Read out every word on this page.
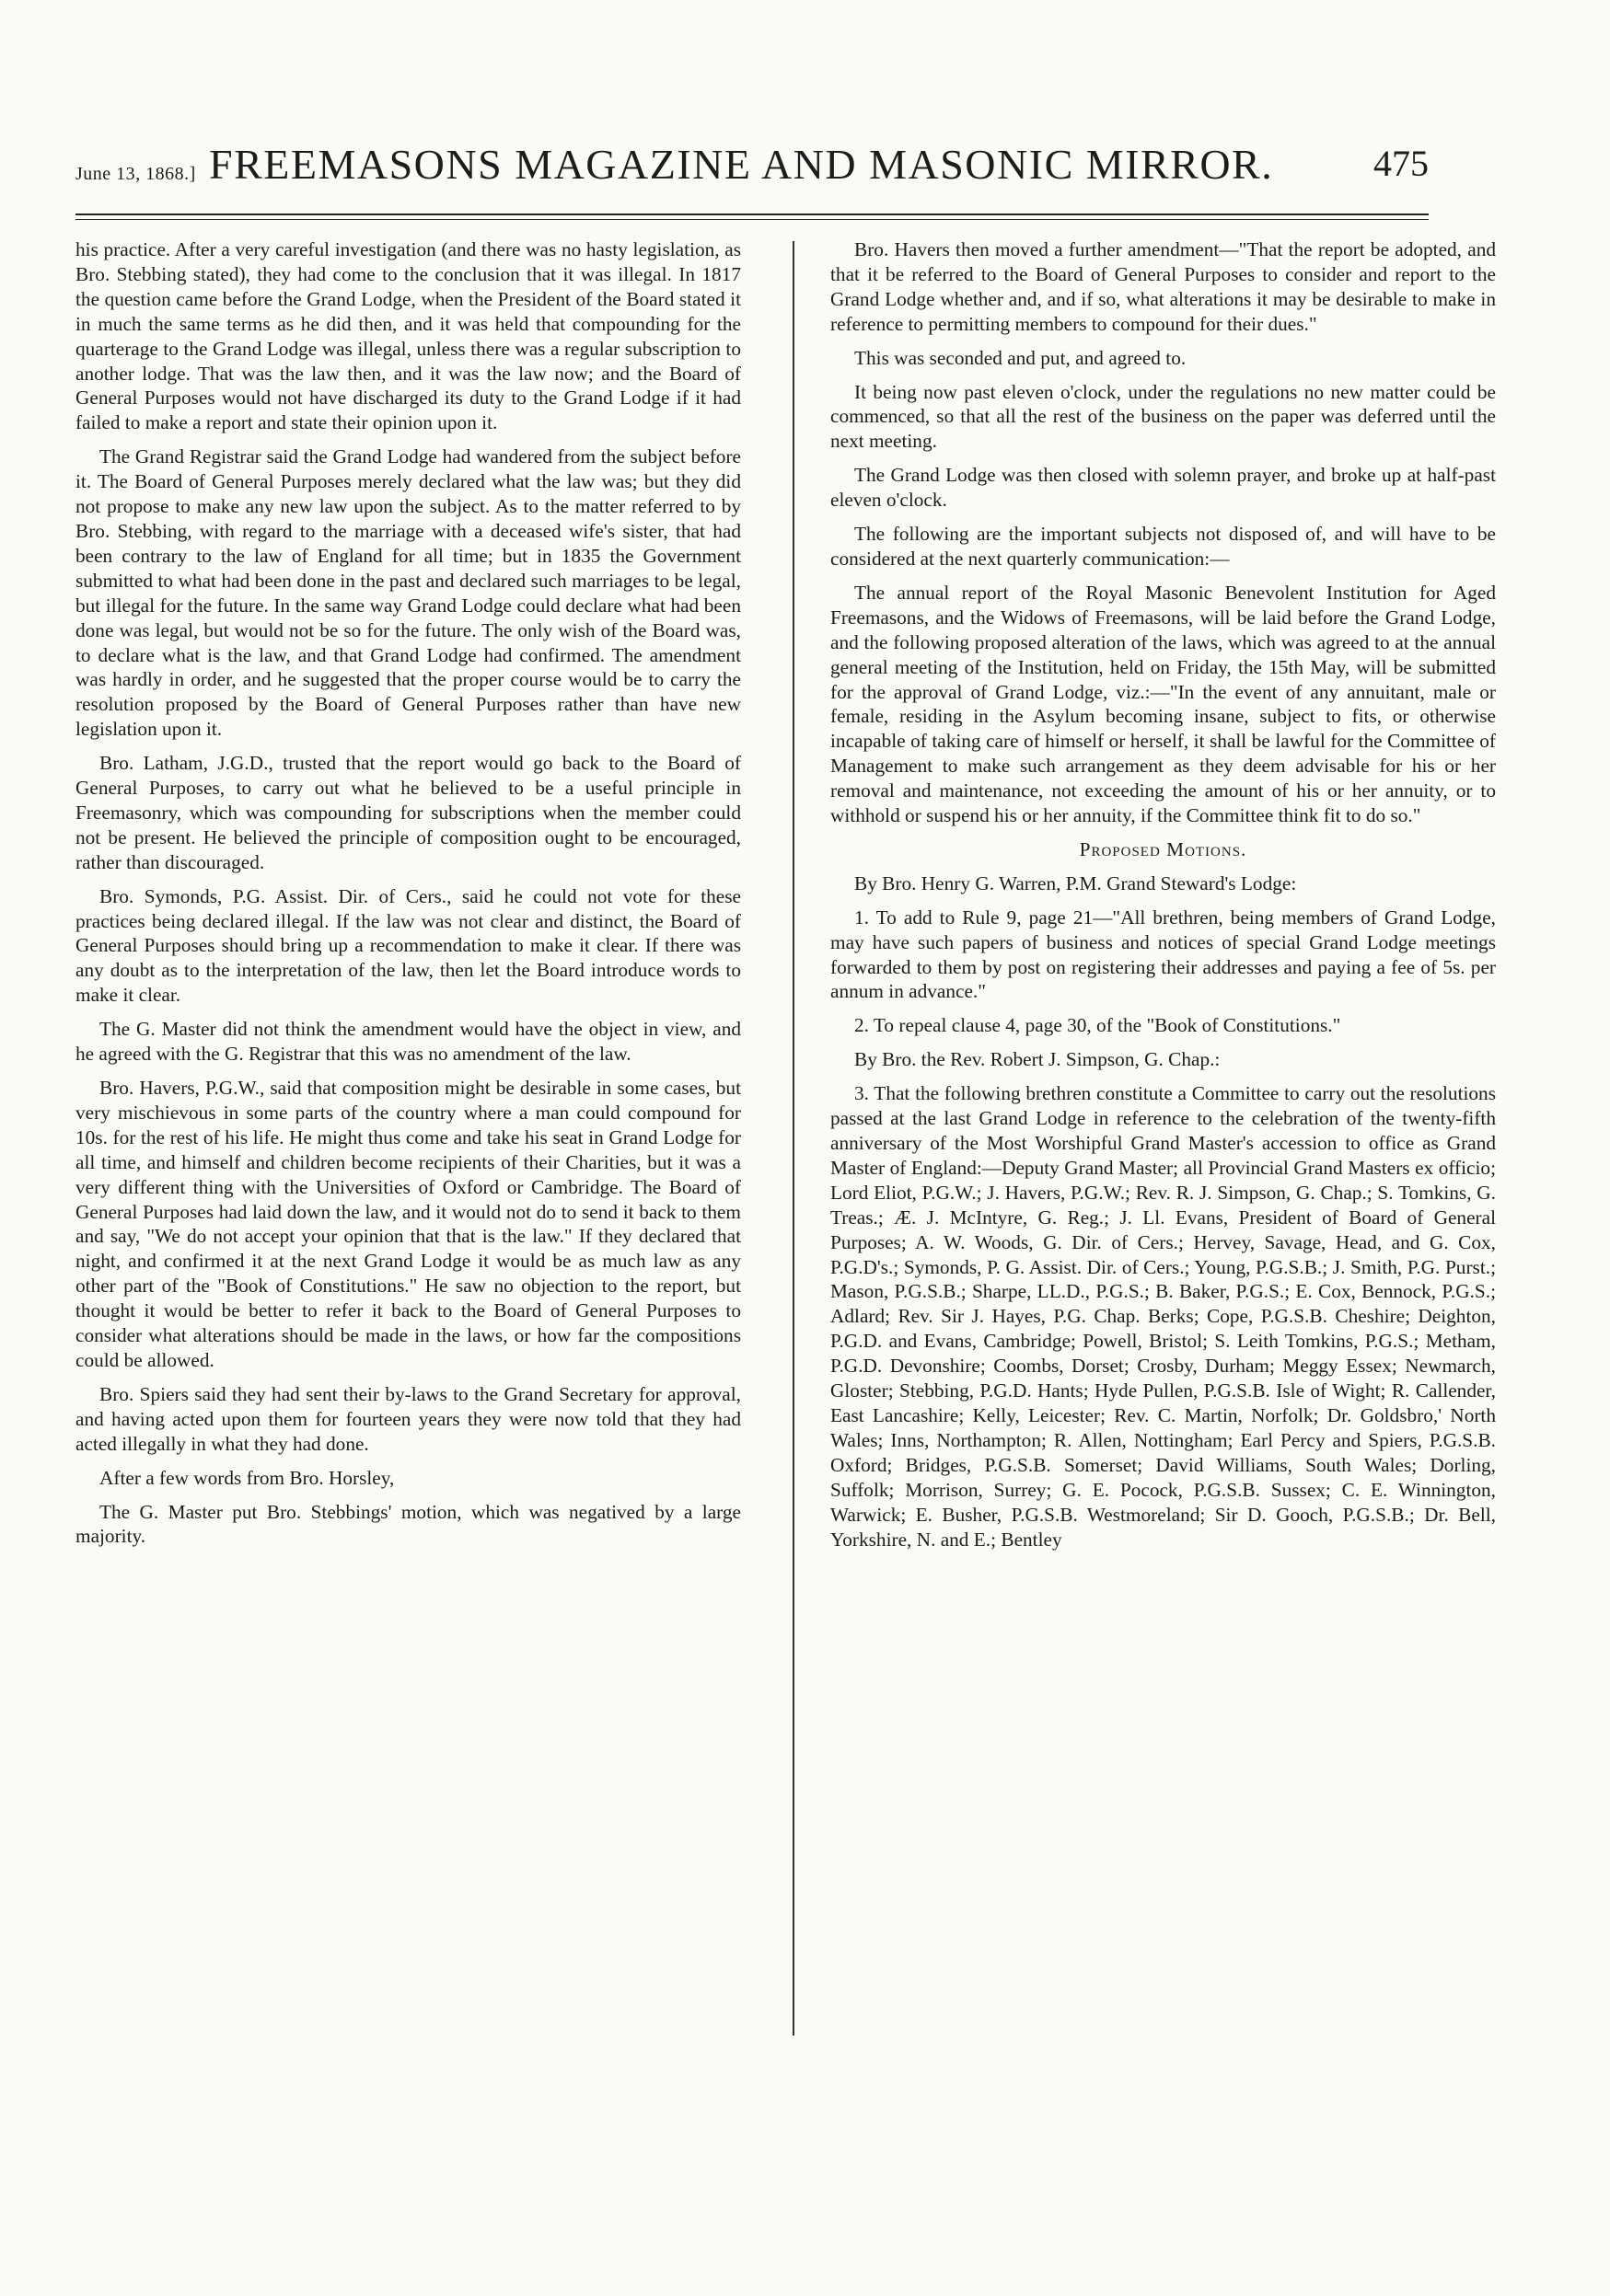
June 13, 1868.] FREEMASONS MAGAZINE AND MASONIC MIRROR.	475

his practice. After a very careful investigation (and there was no hasty legislation, as Bro. Stebbing stated), they had come to the conclusion that it was illegal. In 1817 the question came before the Grand Lodge, when the President of the Board stated it in much the same terms as he did then, and it was held that compounding for the quarterage to the Grand Lodge was illegal, unless there was a regular subscription to another lodge. That was the law then, and it was the law now; and the Board of General Purposes would not have discharged its duty to the Grand Lodge if it had failed to make a report and state their opinion upon it.

The Grand Registrar said the Grand Lodge had wandered from the subject before it. The Board of General Purposes merely declared what the law was; but they did not propose to make any new law upon the subject. As to the matter referred to by Bro. Stebbing, with regard to the marriage with a deceased wife's sister, that had been contrary to the law of England for all time; but in 1835 the Government submitted to what had been done in the past and declared such marriages to be legal, but illegal for the future. In the same way Grand Lodge could declare what had been done was legal, but would not be so for the future. The only wish of the Board was, to declare what is the law, and that Grand Lodge had confirmed. The amendment was hardly in order, and he suggested that the proper course would be to carry the resolution proposed by the Board of General Purposes rather than have new legislation upon it.

Bro. Latham, J.G.D., trusted that the report would go back to the Board of General Purposes, to carry out what he believed to be a useful principle in Freemasonry, which was compounding for subscriptions when the member could not be present. He believed the principle of composition ought to be encouraged, rather than discouraged.

Bro. Symonds, P.G. Assist. Dir. of Cers., said he could not vote for these practices being declared illegal. If the law was not clear and distinct, the Board of General Purposes should bring up a recommendation to make it clear. If there was any doubt as to the interpretation of the law, then let the Board introduce words to make it clear.

The G. Master did not think the amendment would have the object in view, and he agreed with the G. Registrar that this was no amendment of the law.

Bro. Havers, P.G.W., said that composition might be desirable in some cases, but very mischievous in some parts of the country where a man could compound for 10s. for the rest of his life. He might thus come and take his seat in Grand Lodge for all time, and himself and children become recipients of their Charities, but it was a very different thing with the Universities of Oxford or Cambridge. The Board of General Purposes had laid down the law, and it would not do to send it back to them and say, "We do not accept your opinion that that is the law." If they declared that night, and confirmed it at the next Grand Lodge it would be as much law as any other part of the "Book of Constitutions." He saw no objection to the report, but thought it would be better to refer it back to the Board of General Purposes to consider what alterations should be made in the laws, or how far the compositions could be allowed.

Bro. Spiers said they had sent their by-laws to the Grand Secretary for approval, and having acted upon them for fourteen years they were now told that they had acted illegally in what they had done.

After a few words from Bro. Horsley,

The G. Master put Bro. Stebbings' motion, which was negatived by a large majority.

Bro. Havers then moved a further amendment—"That the report be adopted, and that it be referred to the Board of General Purposes to consider and report to the Grand Lodge whether and, and if so, what alterations it may be desirable to make in reference to permitting members to compound for their dues."

This was seconded and put, and agreed to.

It being now past eleven o'clock, under the regulations no new matter could be commenced, so that all the rest of the business on the paper was deferred until the next meeting.

The Grand Lodge was then closed with solemn prayer, and broke up at half-past eleven o'clock.

The following are the important subjects not disposed of, and will have to be considered at the next quarterly communication:—

The annual report of the Royal Masonic Benevolent Institution for Aged Freemasons, and the Widows of Freemasons, will be laid before the Grand Lodge, and the following proposed alteration of the laws, which was agreed to at the annual general meeting of the Institution, held on Friday, the 15th May, will be submitted for the approval of Grand Lodge, viz.:—"In the event of any annuitant, male or female, residing in the Asylum becoming insane, subject to fits, or otherwise incapable of taking care of himself or herself, it shall be lawful for the Committee of Management to make such arrangement as they deem advisable for his or her removal and maintenance, not exceeding the amount of his or her annuity, or to withhold or suspend his or her annuity, if the Committee think fit to do so."

Proposed Motions.

By Bro. Henry G. Warren, P.M. Grand Steward's Lodge:

1. To add to Rule 9, page 21—"All brethren, being members of Grand Lodge, may have such papers of business and notices of special Grand Lodge meetings forwarded to them by post on registering their addresses and paying a fee of 5s. per annum in advance."

2. To repeal clause 4, page 30, of the "Book of Constitutions."

By Bro. the Rev. Robert J. Simpson, G. Chap.:

3. That the following brethren constitute a Committee to carry out the resolutions passed at the last Grand Lodge in reference to the celebration of the twenty-fifth anniversary of the Most Worshipful Grand Master's accession to office as Grand Master of England:—Deputy Grand Master; all Provincial Grand Masters ex officio; Lord Eliot, P.G.W.; J. Havers, P.G.W.; Rev. R. J. Simpson, G. Chap.; S. Tomkins, G. Treas.; Æ. J. McIntyre, G. Reg.; J. Ll. Evans, President of Board of General Purposes; A. W. Woods, G. Dir. of Cers.; Hervey, Savage, Head, and G. Cox, P.G.D's.; Symonds, P. G. Assist. Dir. of Cers.; Young, P.G.S.B.; J. Smith, P.G. Purst.; Mason, P.G.S.B.; Sharpe, LL.D., P.G.S.; B. Baker, P.G.S.; E. Cox, Bennock, P.G.S.; Adlard; Rev. Sir J. Hayes, P.G. Chap. Berks; Cope, P.G.S.B. Cheshire; Deighton, P.G.D. and Evans, Cambridge; Powell, Bristol; S. Leith Tomkins, P.G.S.; Metham, P.G.D. Devonshire; Coombs, Dorset; Crosby, Durham; Meggy Essex; Newmarch, Gloster; Stebbing, P.G.D. Hants; Hyde Pullen, P.G.S.B. Isle of Wight; R. Callender, East Lancashire; Kelly, Leicester; Rev. C. Martin, Norfolk; Dr. Goldsbro,' North Wales; Inns, Northampton; R. Allen, Nottingham; Earl Percy and Spiers, P.G.S.B. Oxford; Bridges, P.G.S.B. Somerset; David Williams, South Wales; Dorling, Suffolk; Morrison, Surrey; G. E. Pocock, P.G.S.B. Sussex; C. E. Winnington, Warwick; E. Busher, P.G.S.B. Westmoreland; Sir D. Gooch, P.G.S.B.; Dr. Bell, Yorkshire, N. and E.; Bentley
